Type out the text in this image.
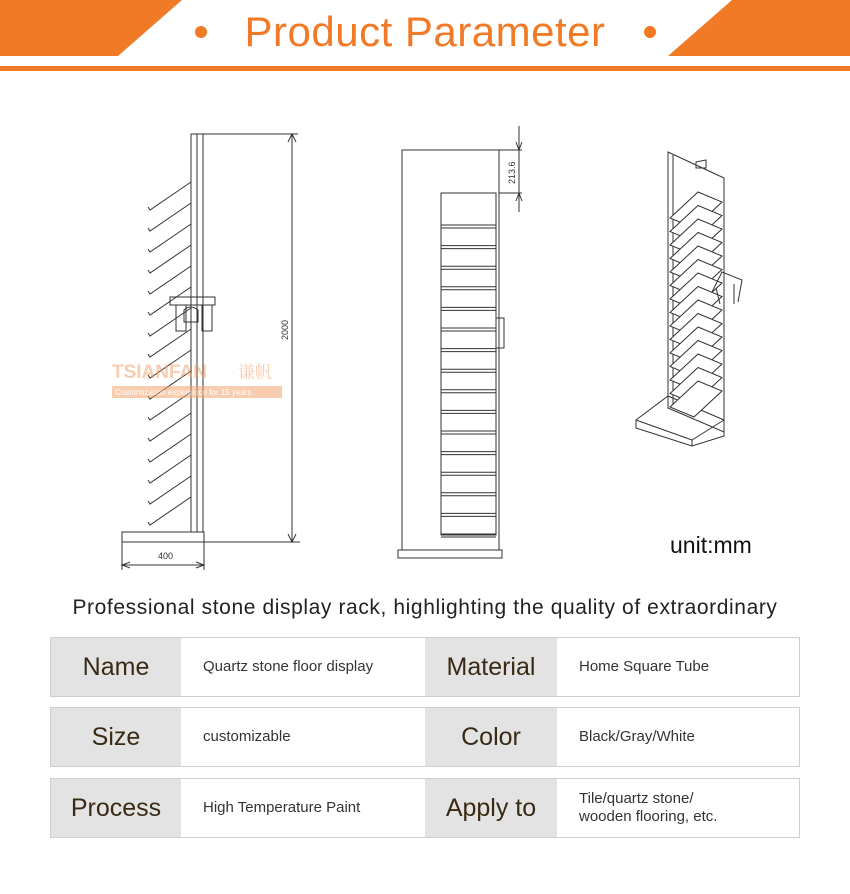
Product Parameter
2000
400
213.6
TSIANFAN 谦帆
Customization experience for 15 years
unit:mm
Professional stone display rack, highlighting the quality of extraordinary
Name	Quartz stone floor display	Material	Home Square Tube
Size	customizable	Color	Black/Gray/White
Process	High Temperature Paint	Apply to	Tile/quartz stone/
wooden flooring, etc.
